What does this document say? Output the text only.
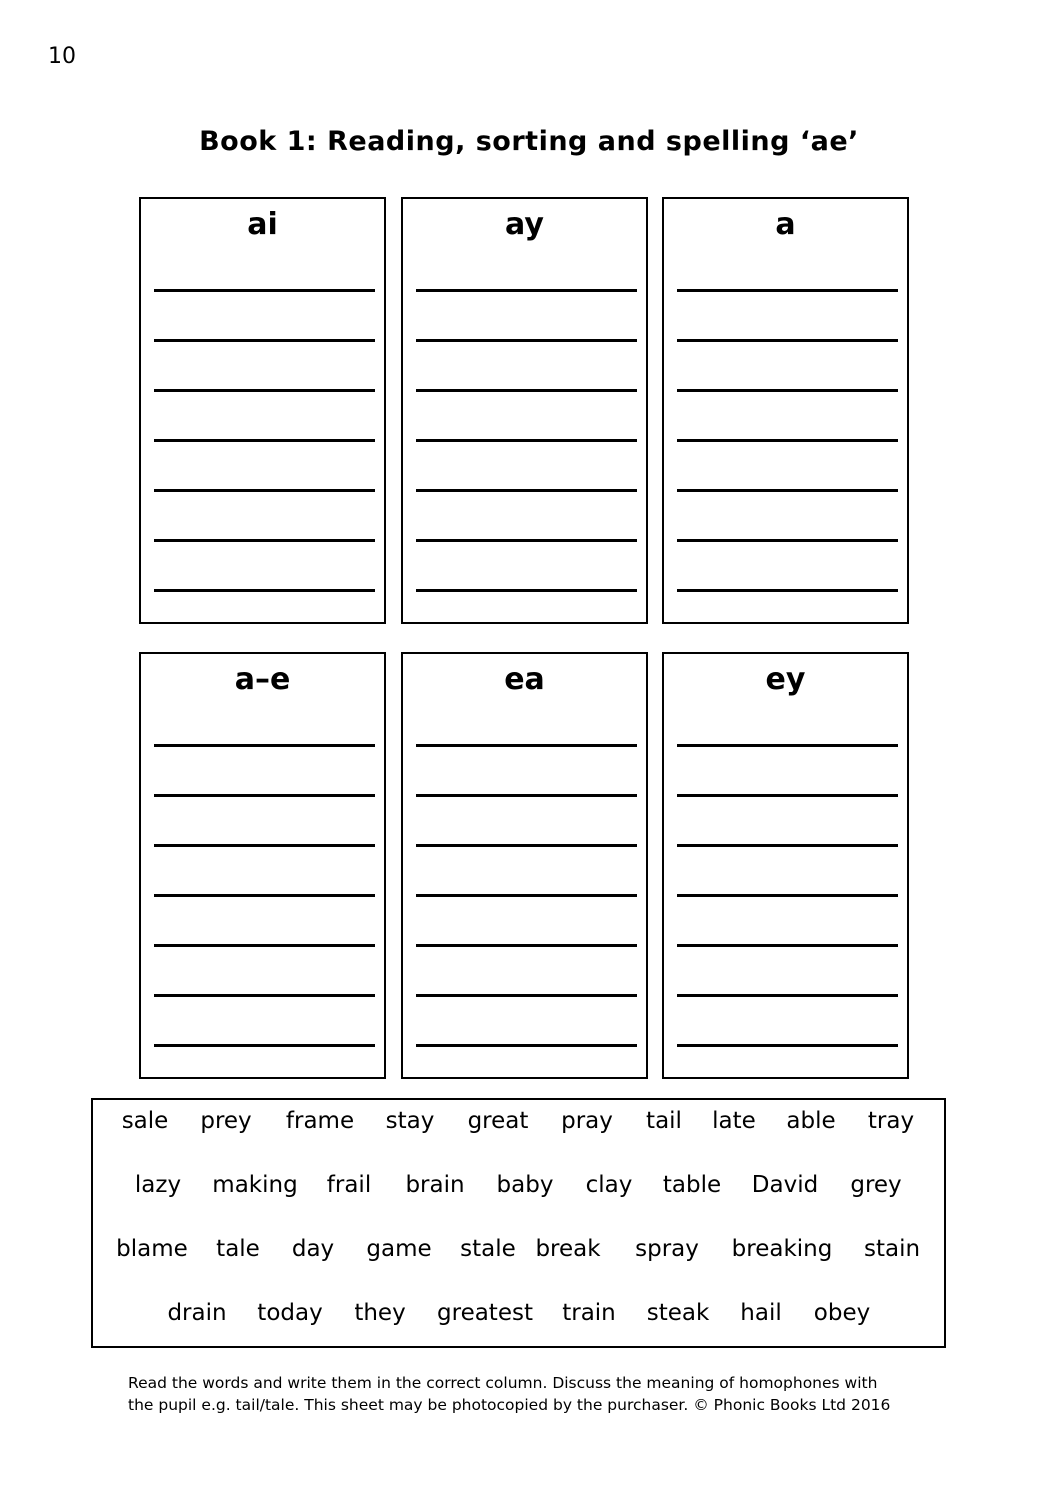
10
Book 1: Reading, sorting and spelling ‘ae’
ai	ay	a
a–e	ea	ey
sale prey frame stay great pray tail late able tray
lazy making frail brain baby clay table David grey
blame tale day game stale break spray breaking stain
drain today they greatest train steak hail obey
Read the words and write them in the correct column. Discuss the meaning of homophones with
the pupil e.g. tail/tale. This sheet may be photocopied by the purchaser. © Phonic Books Ltd 2016
